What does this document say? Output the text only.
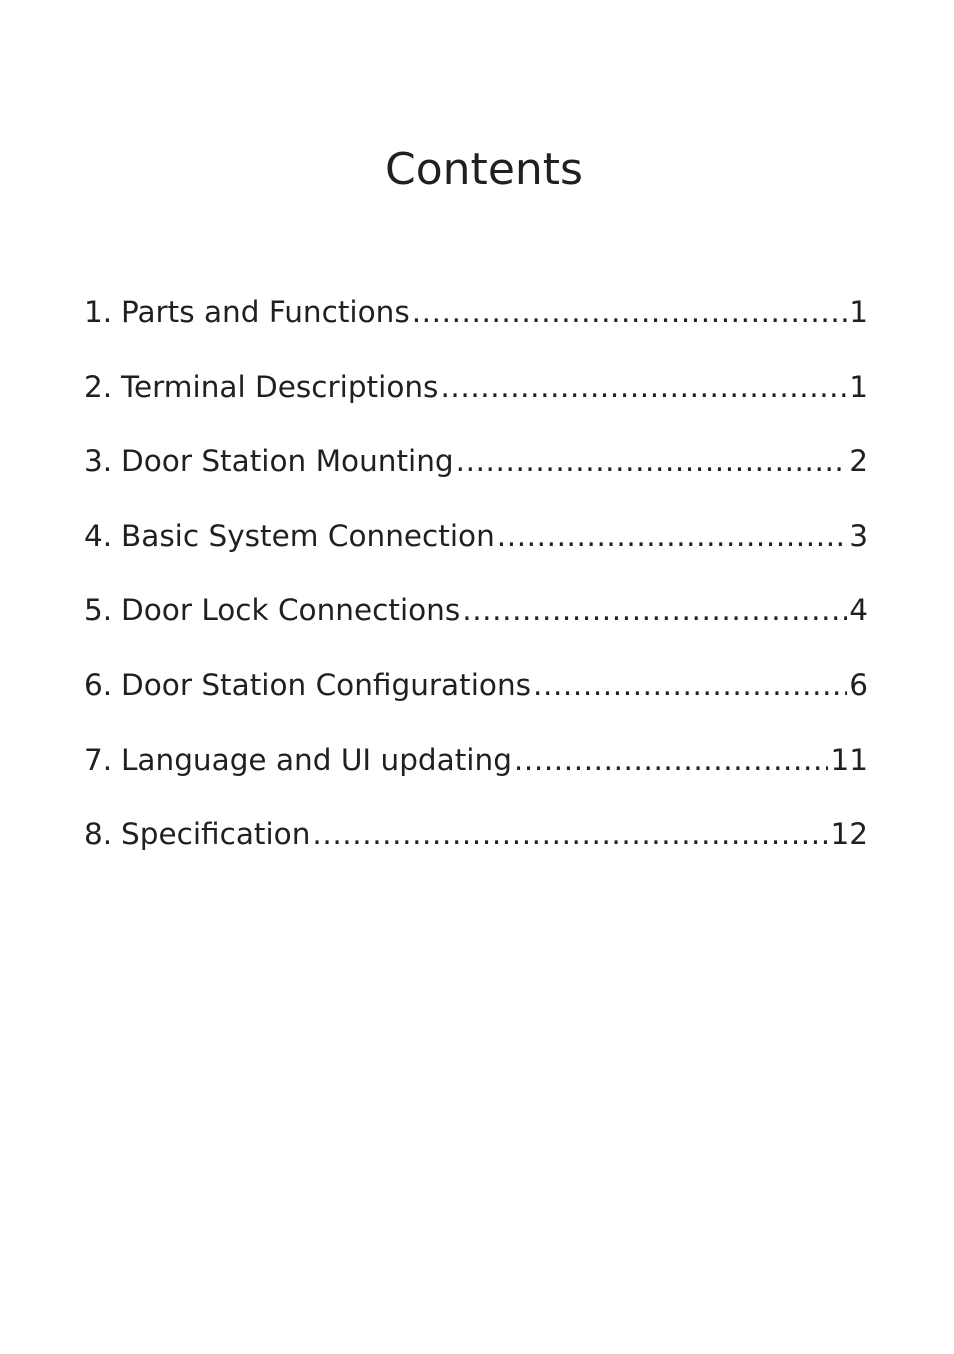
Contents
1. Parts and Functions .....	1
2. Terminal Descriptions .....	1
3. Door Station Mounting .....	2
4. Basic System Connection .....	3
5. Door Lock Connections .....	4
6. Door Station Configurations .....	6
7. Language and UI updating .....	11
8. Specification .....	12
